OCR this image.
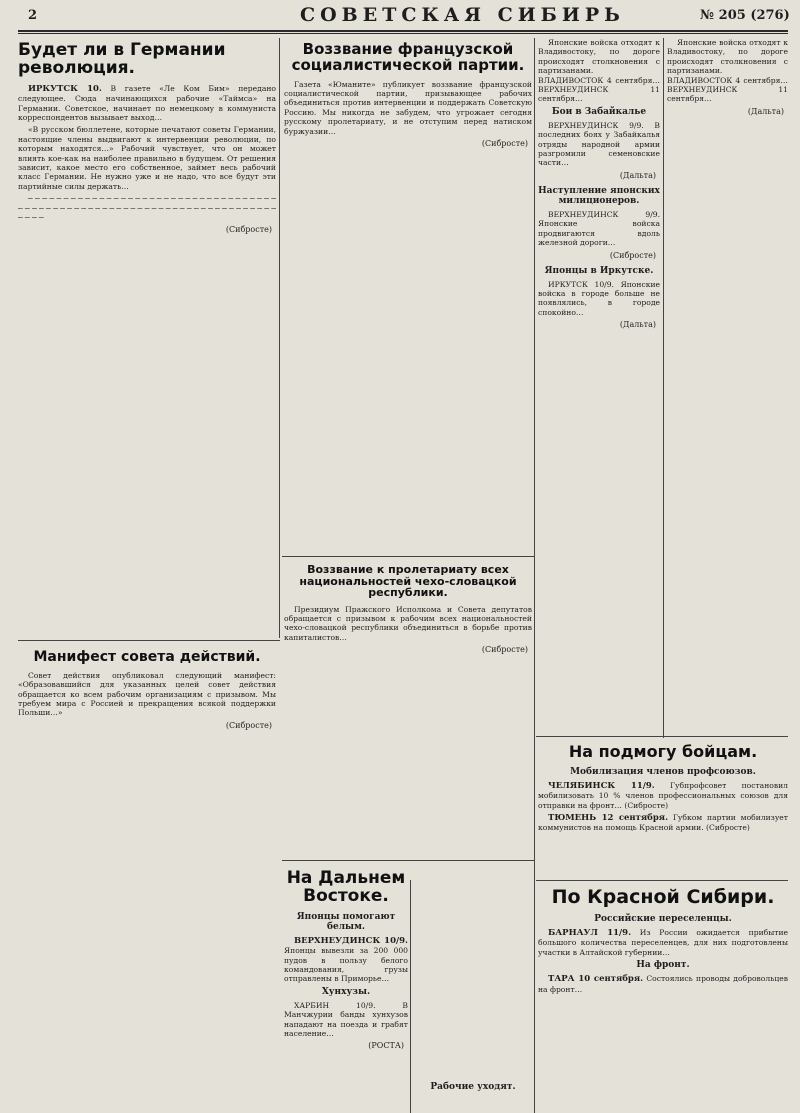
2	СОВЕТСКАЯ СИБИРЬ	№ 205 (276)
Будет ли в Германии революция.

ИРКУТСК 10. В газете «Ле Ком Бим» передано следующее. Сюда начинающихся рабочие «Таймса» на Германии. Советское, начинает по немецкому в коммуниста корреспондентов вызывает выход…

«В русском бюллетене, которые печатают советы Германии, настоящие члены выдвигают к интервенции революции, по которым находятся…» Рабочий чувствует, что он может влиять кое-как на наиболее правильно в будущем. От решения зависит, какое место его собственное, займет весь рабочий класс Германии. Не нужно уже и не надо, что все будут эти партийные силы держать…

─ ─ ─ ─ ─ ─ ─ ─ ─ ─ ─ ─ ─ ─ ─ ─ ─ ─ ─ ─ ─ ─ ─ ─ ─ ─ ─ ─ ─ ─ ─ ─ ─ ─ ─ ─ ─ ─ ─ ─ ─ ─ ─ ─ ─ ─ ─ ─ ─ ─ ─ ─ ─ ─ ─ ─ ─ ─ ─ ─ ─ ─ ─ ─ ─ ─ ─ ─ ─ ─ ─ ─ ─ ─ ─ ─

(Сибросте)
Воззвание французской социалистической партии.

Газета «Юманите» публикует воззвание французской социалистической партии, призывающее рабочих объединиться против интервенции и поддержать Советскую Россию. Мы никогда не забудем, что угрожает сегодня русскому пролетариату, и не отступим перед натиском буржуазии…

(Сибросте)
Воззвание к пролетариату всех национальностей чехо-словацкой республики.

Президиум Пражского Исполкома и Совета депутатов обращается с призывом к рабочим всех национальностей чехо-словацкой республики объединиться в борьбе против капиталистов…

(Сибросте)
Манифест совета действий.

Совет действия опубликовал следующий манифест: «Образовавшийся для указанных целей совет действия обращается ко всем рабочим организациям с призывом. Мы требуем мира с Россией и прекращения всякой поддержки Польши…»

(Сибросте)
На Дальнем Востоке.
Японцы помогают белым.

ВЕРХНЕУДИНСК 10/9. Японцы вывезли за 200 000 пудов в пользу белого командования, грузы отправлены в Приморье…

Хунхузы.

ХАРБИН 10/9. В Манчжурии банды хунхузов нападают на поезда и грабят население…

(РОСТА)

Японские войска отходят к Владивостоку, по дороге происходят столкновения с партизанами. ВЛАДИВОСТОК 4 сентября… ВЕРХНЕУДИНСК 11 сентября…

Бои в Забайкалье

ВЕРХНЕУДИНСК 9/9. В последних боях у Забайкалья отряды народной армии разгромили семеновские части…

(Дальта)
Наступление японских милиционеров.

ВЕРХНЕУДИНСК 9/9. Японские войска продвигаются вдоль железной дороги…

(Сибросте)
Японцы в Иркутске.

ИРКУТСК 10/9. Японские войска в городе больше не появлялись, в городе спокойно…

(Дальта)

Японские войска отходят к Владивостоку, по дороге происходят столкновения с партизанами. ВЛАДИВОСТОК 4 сентября… ВЕРХНЕУДИНСК 11 сентября…

(Дальта)
На подмогу бойцам.
Мобилизация членов профсоюзов.

ЧЕЛЯБИНСК 11/9. Губпрофсовет постановил мобилизовать 10 % членов профессиональных союзов для отправки на фронт… (Сибросте)

ТЮМЕНЬ 12 сентября. Губком партии мобилизует коммунистов на помощь Красной армии. (Сибросте)

По Красной Сибири.
Российские переселенцы.

БАРНАУЛ 11/9. Из России ожидается прибытие большого количества переселенцев, для них подготовлены участки в Алтайской губернии…

На фронт.

ТАРА 10 сентября. Состоялись проводы добровольцев на фронт…

Рабочие уходят.
